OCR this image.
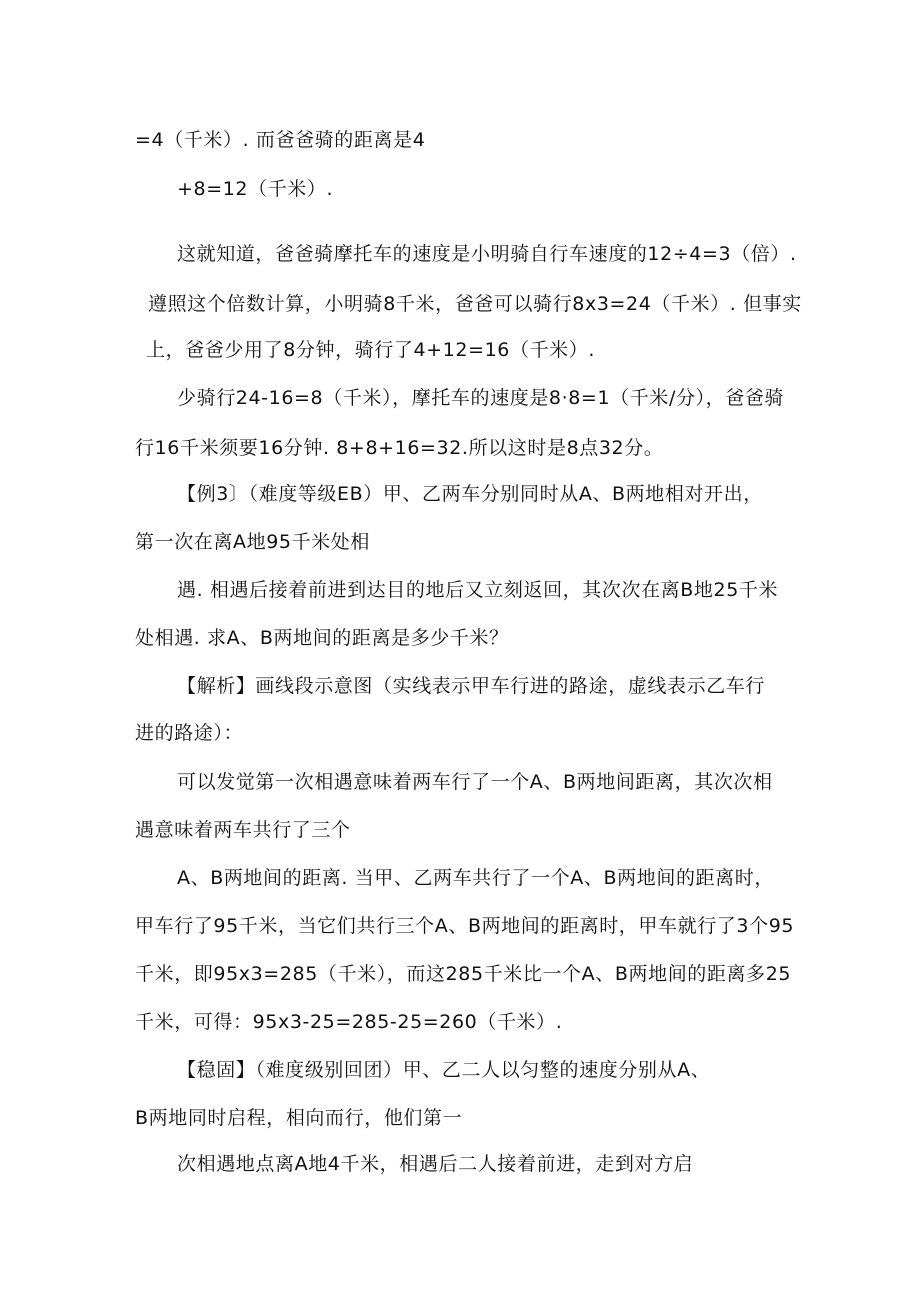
=4（千米）. 而爸爸骑的距离是4
+8=12（千米）.
这就知道，爸爸骑摩托车的速度是小明骑自行车速度的12÷4=3（倍）.
遵照这个倍数计算，小明骑8千米，爸爸可以骑行8x3=24（千米）. 但事实
上，爸爸少用了8分钟，骑行了4+12=16（千米）.
少骑行24-16=8（千米），摩托车的速度是8·8=1（千米/分），爸爸骑
行16千米须要16分钟. 8+8+16=32.所以这时是8点32分。
【例3〕（难度等级EB）甲、乙两车分别同时从A、B两地相对开出，
第一次在离A地95千米处相
遇. 相遇后接着前进到达目的地后又立刻返回，其次次在离B地25千米
处相遇. 求A、B两地间的距离是多少千米？
【解析】画线段示意图（实线表示甲车行进的路途，虚线表示乙车行
进的路途）：
可以发觉第一次相遇意味着两车行了一个A、B两地间距离，其次次相
遇意味着两车共行了三个
A、B两地间的距离. 当甲、乙两车共行了一个A、B两地间的距离时，
甲车行了95千米，当它们共行三个A、B两地间的距离时，甲车就行了3个95
千米，即95x3=285（千米），而这285千米比一个A、B两地间的距离多25
千米，可得：95x3-25=285-25=260（千米）.
【稳固】（难度级别回团）甲、乙二人以匀整的速度分别从A、
B两地同时启程，相向而行，他们第一
次相遇地点离A地4千米，相遇后二人接着前进，走到对方启
